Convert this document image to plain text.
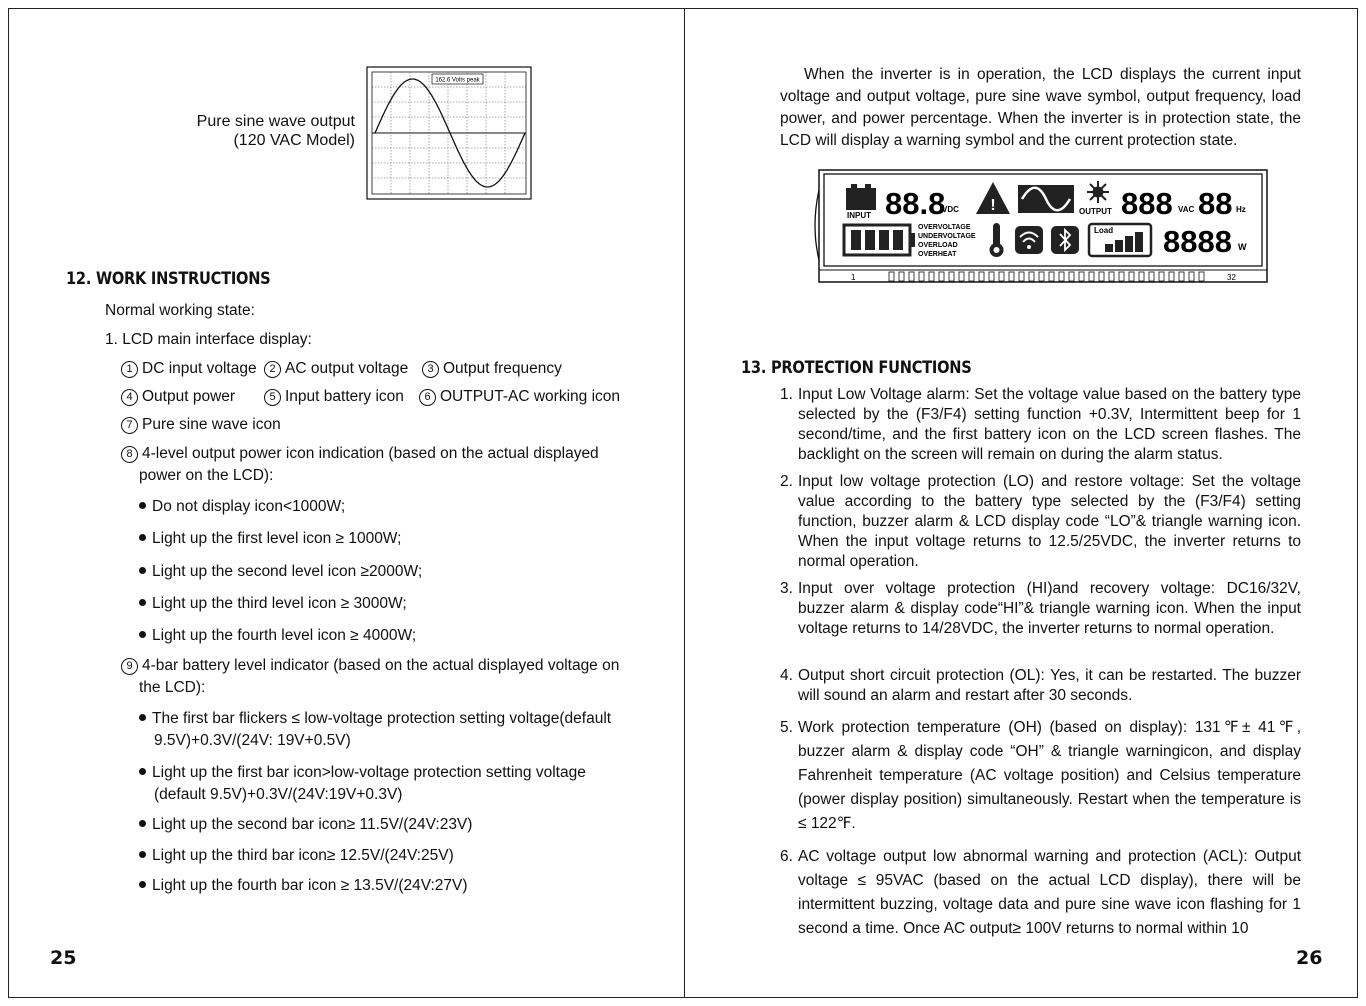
Pure sine wave output
(120 VAC Model)
162.6 Volts peak
12. WORK INSTRUCTIONS
Normal working state:
1. LCD main interface display:
1 DC input voltage	2 AC output voltage	3 Output frequency
4 Output power	5 Input battery icon	6 OUTPUT-AC working icon
7 Pure sine wave icon
8 4-level output power icon indication (based on the actual displayed
power on the LCD):
Do not display icon<1000W;
Light up the first level icon ≥ 1000W;
Light up the second level icon ≥2000W;
Light up the third level icon ≥ 3000W;
Light up the fourth level icon ≥ 4000W;
9 4-bar battery level indicator (based on the actual displayed voltage on
the LCD):
The first bar flickers ≤ low-voltage protection setting voltage(default
9.5V)+0.3V/(24V: 19V+0.5V)
Light up the first bar icon>low-voltage protection setting voltage
(default 9.5V)+0.3V/(24V:19V+0.3V)
Light up the second bar icon≥ 11.5V/(24V:23V)
Light up the third bar icon≥ 12.5V/(24V:25V)
Light up the fourth bar icon ≥ 13.5V/(24V:27V)
25
When the inverter is in operation, the LCD displays the current input voltage and output voltage, pure sine wave symbol, output frequency, load power, and power percentage. When the inverter is in protection state, the LCD will display a warning symbol and the current protection state.
INPUT 88.8
VDC !	OUTPUT 888 VAC 88 Hz
OVERVOLTAGE
UNDERVOLTAGE
OVERLOAD
OVERHEAT
Load 8888 W
1	32
13. PROTECTION FUNCTIONS
1. Input Low Voltage alarm: Set the voltage value based on the battery type selected by the (F3/F4) setting function +0.3V, Intermittent beep for 1 second/time, and the first battery icon on the LCD screen flashes. The backlight on the screen will remain on during the alarm status.
2. Input low voltage protection (LO) and restore voltage: Set the voltage value according to the battery type selected by the (F3/F4) setting function, buzzer alarm & LCD display code “LO”& triangle warning icon. When the input voltage returns to 12.5/25VDC, the inverter returns to normal operation.
3. Input over voltage protection (HI)and recovery voltage: DC16/32V, buzzer alarm & display code“HI”& triangle warning icon. When the input voltage returns to 14/28VDC, the inverter returns to normal operation.
4. Output short circuit protection (OL): Yes, it can be restarted. The buzzer will sound an alarm and restart after 30 seconds.
5. Work protection temperature (OH) (based on display): 131℉± 41℉, buzzer alarm & display code “OH” & triangle warningicon, and display Fahrenheit temperature (AC voltage position) and Celsius temperature (power display position) simultaneously. Restart when the temperature is ≤ 122℉.
6. AC voltage output low abnormal warning and protection (ACL): Output voltage ≤ 95VAC (based on the actual LCD display), there will be intermittent buzzing, voltage data and pure sine wave icon flashing for 1 second a time. Once AC output≥ 100V returns to normal within 10
26
